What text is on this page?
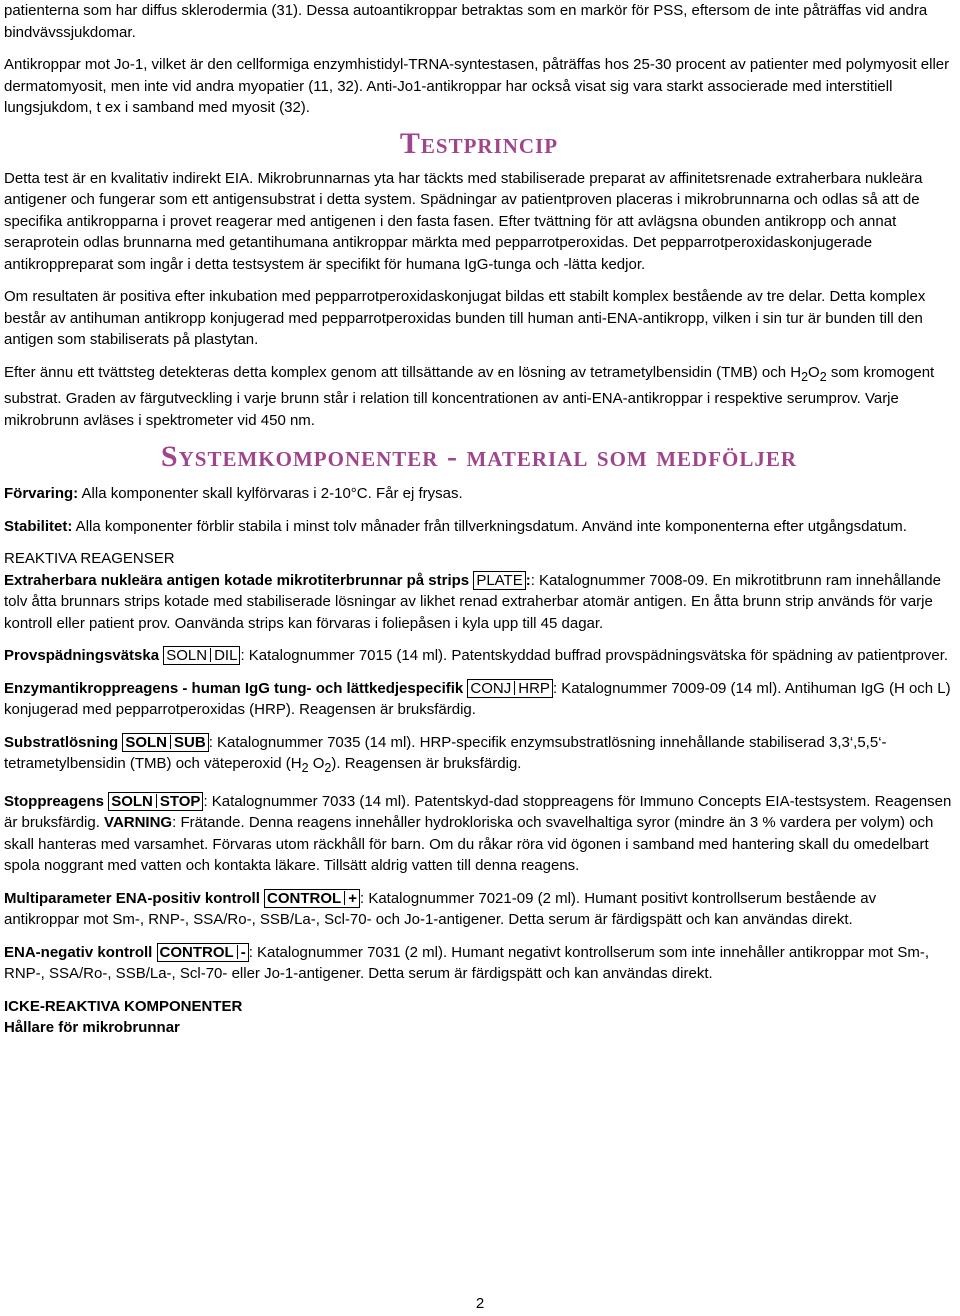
patienterna som har diffus sklerodermia (31). Dessa autoantikroppar betraktas som en markör för PSS, eftersom de inte påträffas vid andra bindvävssjukdomar.

Antikroppar mot Jo-1, vilket är den cellformiga enzymhistidyl-TRNA-syntestasen, påträffas hos 25-30 procent av patienter med polymyosit eller dermatomyosit, men inte vid andra myopatier (11, 32). Anti-Jo1-antikroppar har också visat sig vara starkt associerade med interstitiell lungsjukdom, t ex i samband med myosit (32).

Testprincip

Detta test är en kvalitativ indirekt EIA. Mikrobrunnarnas yta har täckts med stabiliserade preparat av affinitetsrenade extraherbara nukleära antigener och fungerar som ett antigensubstrat i detta system. Spädningar av patientproven placeras i mikrobrunnarna och odlas så att de specifika antikropparna i provet reagerar med antigenen i den fasta fasen. Efter tvättning för att avlägsna obunden antikropp och annat seraprotein odlas brunnarna med getantihumana antikroppar märkta med pepparrotperoxidas. Det pepparrotperoxidaskonjugerade antikroppreparat som ingår i detta testsystem är specifikt för humana IgG-tunga och -lätta kedjor.

Om resultaten är positiva efter inkubation med pepparrotperoxidaskonjugat bildas ett stabilt komplex bestående av tre delar. Detta komplex består av antihuman antikropp konjugerad med pepparrotperoxidas bunden till human anti-ENA-antikropp, vilken i sin tur är bunden till den antigen som stabiliserats på plastytan.

Efter ännu ett tvättsteg detekteras detta komplex genom att tillsättande av en lösning av tetrametylbensidin (TMB) och $H_2O_2$ som kromogent substrat. Graden av färgutveckling i varje brunn står i relation till koncentrationen av anti-ENA-antikroppar i respektive serumprov. Varje mikrobrunn avläses i spektrometer vid 450 nm.

Systemkomponenter - material som medföljer

Förvaring: Alla komponenter skall kylförvaras i 2-10°C. Får ej frysas.

Stabilitet: Alla komponenter förblir stabila i minst tolv månader från tillverkningsdatum. Använd inte komponenterna efter utgångsdatum.

REAKTIVA REAGENSER

Extraherbara nukleära antigen kotade mikrotiterbrunnar på strips PLATE :: Katalognummer 7008-09. En mikrotitbrunn ram innehållande tolv åtta brunnars strips kotade med stabiliserade lösningar av likhet renad extraherbar atomär antigen. En åtta brunn strip används för varje kontroll eller patient prov. Oanvända strips kan förvaras i foliepåsen i kyla upp till 45 dagar.

Provspädningsvätska SOLN DIL : Katalognummer 7015 (14 ml). Patentskyddad buffrad provspädningsvätska för spädning av patientprover.

Enzymantikroppreagens - human IgG tung- och lättkedjespecifik CONJ HRP : Katalognummer 7009-09 (14 ml). Antihuman IgG (H och L) konjugerad med pepparrotperoxidas (HRP). Reagensen är bruksfärdig.

Substratlösning SOLN SUB : Katalognummer 7035 (14 ml). HRP-specifik enzymsubstratlösning innehållande stabiliserad 3,3‘,5,5‘-tetrametylbensidin (TMB) och väteperoxid ($H_2$ $O_2$). Reagensen är bruksfärdig.

Stoppreagens SOLN STOP : Katalognummer 7033 (14 ml). Patentskyd-dad stoppreagens för Immuno Concepts EIA-testsystem. Reagensen är bruksfärdig. VARNING: Frätande. Denna reagens innehåller hydrokloriska och svavelhaltiga syror (mindre än 3 % vardera per volym) och skall hanteras med varsamhet. Förvaras utom räckhåll för barn. Om du råkar röra vid ögonen i samband med hantering skall du omedelbart spola noggrant med vatten och kontakta läkare. Tillsätt aldrig vatten till denna reagens.

Multiparameter ENA-positiv kontroll CONTROL + : Katalognummer 7021-09 (2 ml). Humant positivt kontrollserum bestående av antikroppar mot Sm-, RNP-, SSA/Ro-, SSB/La-, Scl-70- och Jo-1-antigener. Detta serum är färdigspätt och kan användas direkt.

ENA-negativ kontroll CONTROL - : Katalognummer 7031 (2 ml). Humant negativt kontrollserum som inte innehåller antikroppar mot Sm-, RNP-, SSA/Ro-, SSB/La-, Scl-70- eller Jo-1-antigener. Detta serum är färdigspätt och kan användas direkt.

ICKE-REAKTIVA KOMPONENTER

Hållare för mikrobrunnar

2
